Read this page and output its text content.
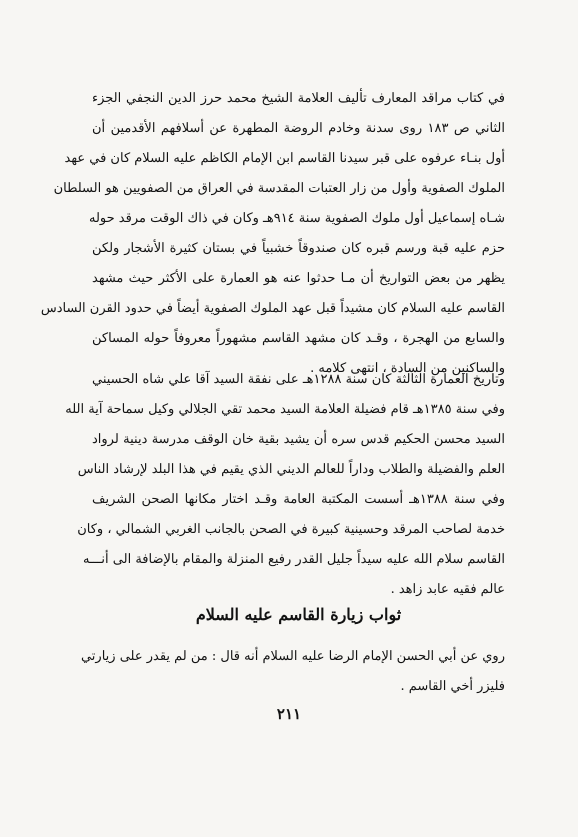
في كتاب مراقد المعارف تأليف العلامة الشيخ محمد حرز الدين النجفي الجزء
الثاني ص ١٨٣ روى سدنة وخادم الروضة المطهرة عن أسلافهم الأقدمين أن
أول بنـاء عرفوه على قبر سيدنا القاسم ابن الإمام الكاظم عليه السلام كان في عهد
الملوك الصفوية وأول من زار العتبات المقدسة في العراق من الصفويين هو السلطان
شـاه إسماعيل أول ملوك الصفوية سنة ٩١٤هـ وكان في ذاك الوقت مرقد حوله
حزم عليه قبة ورسم قبره كان صندوقاً خشبياً في بستان كثيرة الأشجار ولكن
يظهر من بعض التواريخ أن مـا حدثوا عنه هو العمارة على الأكثر حيث مشهد
القاسم عليه السلام كان مشيداً قبل عهد الملوك الصفوية أيضاً في حدود القرن السادس
والسابع من الهجرة ، وقـد كان مشهد القاسم مشهوراً معروفاً حوله المساكن
والساكنين من السادة ، انتهى كلامه .
وتاريخ العمارة الثالثة كان سنة ١٢٨٨هـ على نفقة السيد آقا علي شاه الحسيني
وفي سنة ١٣٨٥هـ قام فضيلة العلامة السيد محمد تقي الجلالي وكيل سماحة آية الله
السيد محسن الحكيم قدس سره أن يشيد بقية خان الوقف مدرسة دينية لرواد
العلم والفضيلة والطلاب وداراً للعالم الديني الذي يقيم في هذا البلد لإرشاد الناس
وفي سنة ١٣٨٨هـ أسست المكتبة العامة وقـد اختار مكانها الصحن الشريف
خدمة لصاحب المرقد وحسينية كبيرة في الصحن بالجانب الغربي الشمالي ، وكان
القاسم سلام الله عليه سيداً جليل القدر رفيع المنزلة والمقام بالإضافة الى أنـــه
عالم فقيه عابد زاهد .
ثواب زيارة القاسم عليه السلام
روي عن أبي الحسن الإمام الرضا عليه السلام أنه قال : من لم يقدر على زيارتي
فليزر أخي القاسم .
٢١١
